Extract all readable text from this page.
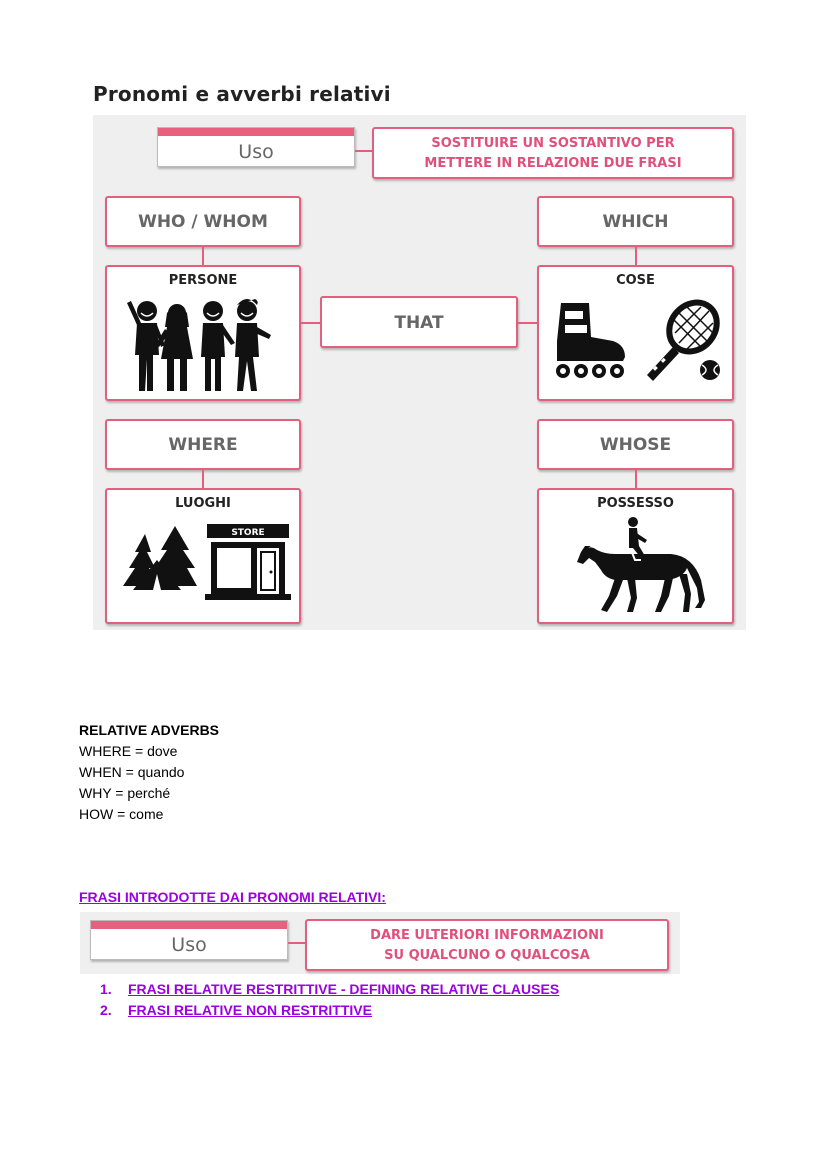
Pronomi e avverbi relativi
Uso	SOSTITUIRE UN SOSTANTIVO PER
METTERE IN RELAZIONE DUE FRASI
WHO / WHOM
PERSONE
THAT
WHICH
COSE
WHERE
LUOGHI
STORE
WHOSE
POSSESSO
RELATIVE ADVERBS
WHERE = dove
WHEN = quando
WHY = perché
HOW = come
FRASI INTRODOTTE DAI PRONOMI RELATIVI:
Uso	DARE ULTERIORI INFORMAZIONI
SU QUALCUNO O QUALCOSA
1. FRASI RELATIVE RESTRITTIVE - DEFINING RELATIVE CLAUSES
2. FRASI RELATIVE NON RESTRITTIVE
